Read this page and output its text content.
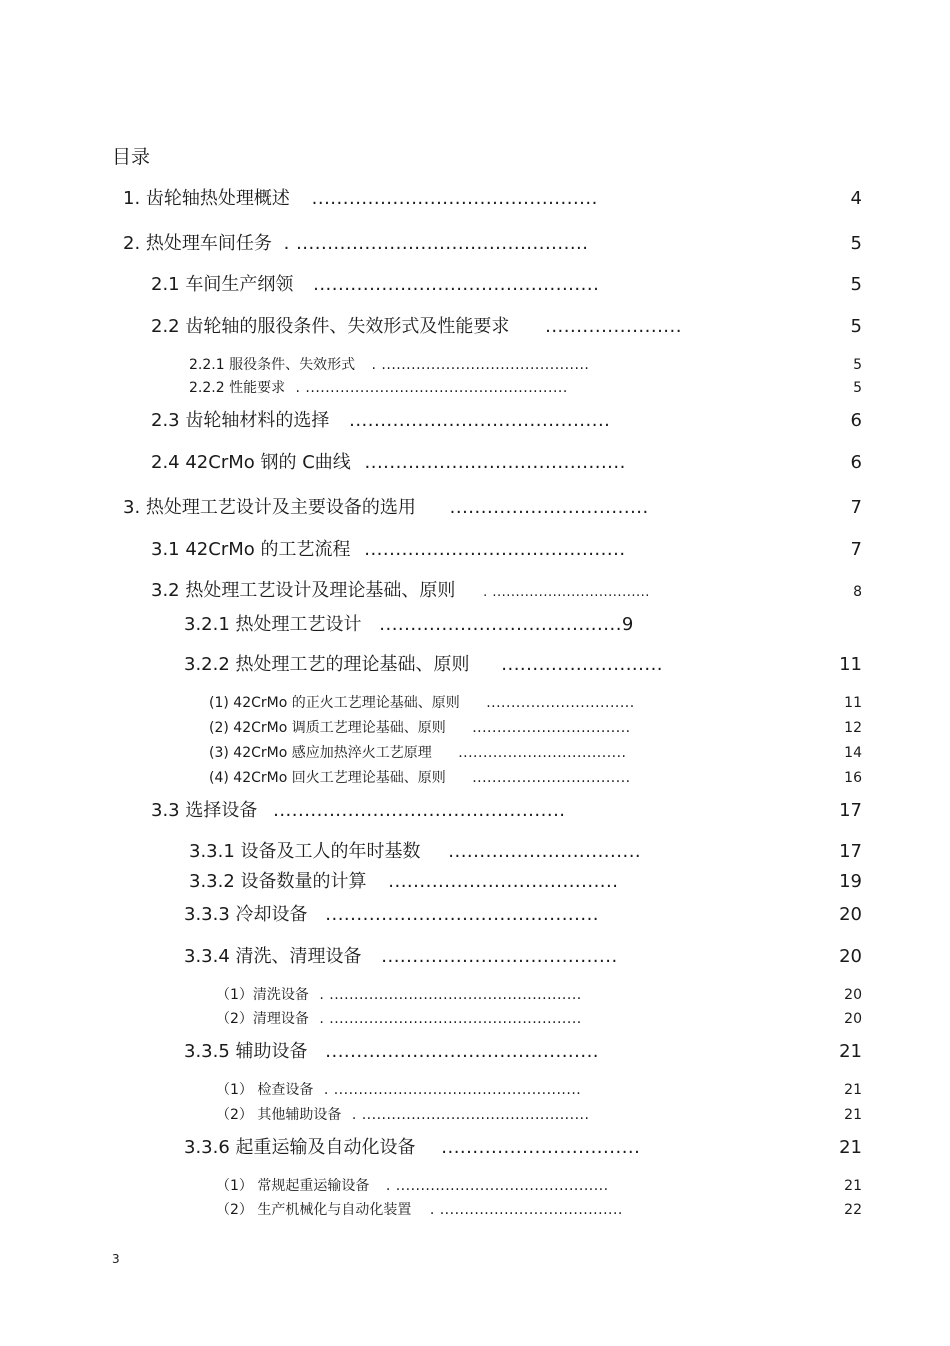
目录
1. 齿轮轴热处理概述 ..............................................	4
2. 热处理车间任务 . ...............................................	5
2.1 车间生产纲领 ..............................................	5
2.2 齿轮轴的服役条件、失效形式及性能要求 ......................	5
2.2.1 服役条件、失效形式 . ..........................................	5
2.2.2 性能要求 . .....................................................	5
2.3 齿轮轴材料的选择 ..........................................	6
2.4 42CrMo 钢的 C曲线 ..........................................	6
3. 热处理工艺设计及主要设备的选用 ................................	7
3.1 42CrMo 的工艺流程 ..........................................	7
3.2 热处理工艺设计及理论基础、原则 . ..................................	8
3.2.1 热处理工艺设计 .......................................9
3.2.2 热处理工艺的理论基础、原则 ..........................	11
(1) 42CrMo 的正火工艺理论基础、原则 ..............................	11
(2) 42CrMo 调质工艺理论基础、原则 ................................	12
(3) 42CrMo 感应加热淬火工艺原理 ..................................	14
(4) 42CrMo 回火工艺理论基础、原则 ................................	16
3.3 选择设备 ...............................................	17
3.3.1 设备及工人的年时基数 ...............................	17
3.3.2 设备数量的计算 .....................................	19
3.3.3 冷却设备 ............................................	20
3.3.4 清洗、清理设备 ......................................	20
（1）清洗设备 . ...................................................	20
（2）清理设备 . ...................................................	20
3.3.5 辅助设备 ............................................	21
（1） 检查设备 . ..................................................	21
（2） 其他辅助设备 . ..............................................	21
3.3.6 起重运输及自动化设备 ................................	21
（1） 常规起重运输设备 . ...........................................	21
（2） 生产机械化与自动化装置 . .....................................	22
3
